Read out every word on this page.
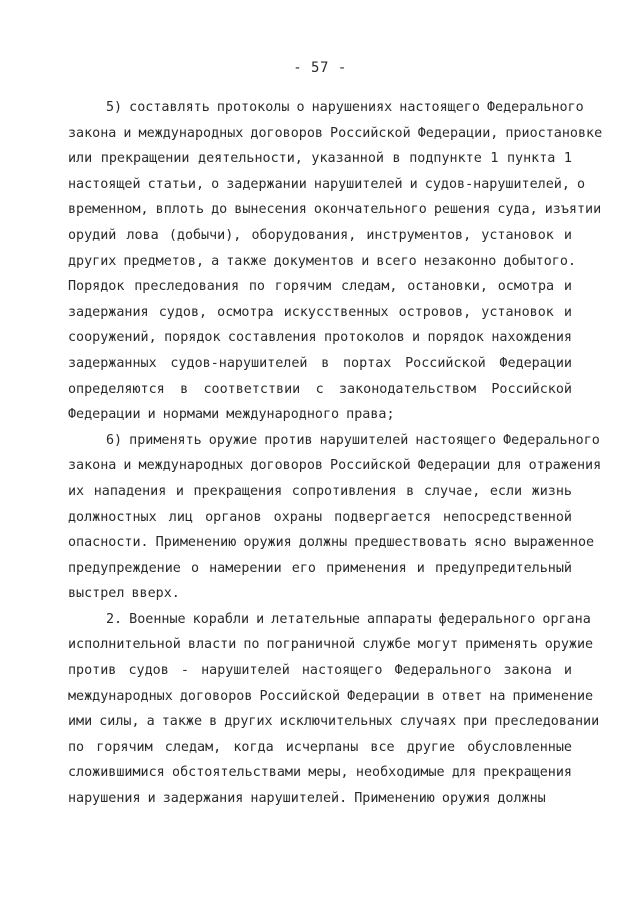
- 57 -

5) составлять протоколы о нарушениях настоящего Федерального
закона и международных договоров Российской Федерации, приостановке
или прекращении деятельности, указанной в подпункте 1 пункта 1
настоящей статьи, о задержании нарушителей и судов-нарушителей, о
временном, вплоть до вынесения окончательного решения суда, изъятии
орудий лова (добычи), оборудования, инструментов, установок и
других предметов, а также документов и всего незаконно добытого.
Порядок преследования по горячим следам, остановки, осмотра и
задержания судов, осмотра искусственных островов, установок и
сооружений, порядок составления протоколов и порядок нахождения
задержанных судов-нарушителей в портах Российской Федерации
определяются в соответствии с законодательством Российской
Федерации и нормами международного права;

6) применять оружие против нарушителей настоящего Федерального
закона и международных договоров Российской Федерации для отражения
их нападения и прекращения сопротивления в случае, если жизнь
должностных лиц органов охраны подвергается непосредственной
опасности. Применению оружия должны предшествовать ясно выраженное
предупреждение о намерении его применения и предупредительный
выстрел вверх.

2. Военные корабли и летательные аппараты федерального органа
исполнительной власти по пограничной службе могут применять оружие
против судов - нарушителей настоящего Федерального закона и
международных договоров Российской Федерации в ответ на применение
ими силы, а также в других исключительных случаях при преследовании
по горячим следам, когда исчерпаны все другие обусловленные
сложившимися обстоятельствами меры, необходимые для прекращения
нарушения и задержания нарушителей. Применению оружия должны
